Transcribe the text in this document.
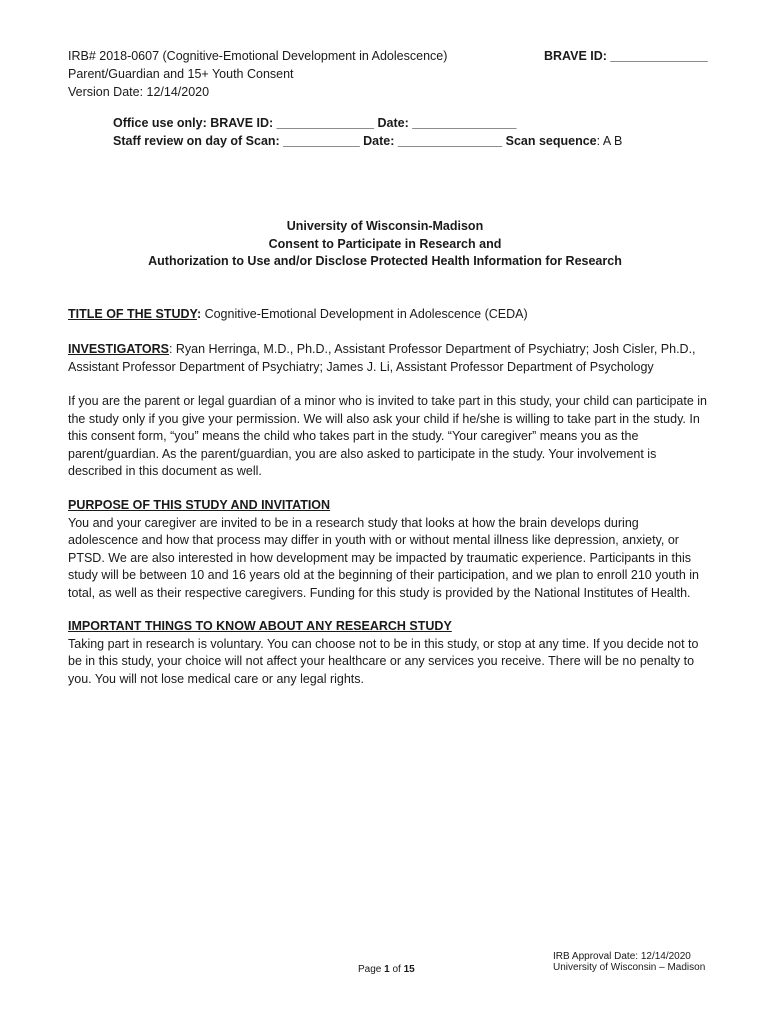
IRB# 2018-0607 (Cognitive-Emotional Development in Adolescence)
Parent/Guardian and 15+ Youth Consent
Version Date: 12/14/2020
BRAVE ID: ______________
Office use only: BRAVE ID: ______________ Date: _______________
Staff review on day of Scan: ___________ Date: _______________ Scan sequence: A B
University of Wisconsin-Madison
Consent to Participate in Research and
Authorization to Use and/or Disclose Protected Health Information for Research
TITLE OF THE STUDY: Cognitive-Emotional Development in Adolescence (CEDA)
INVESTIGATORS: Ryan Herringa, M.D., Ph.D., Assistant Professor Department of Psychiatry; Josh Cisler, Ph.D., Assistant Professor Department of Psychiatry; James J. Li, Assistant Professor Department of Psychology
If you are the parent or legal guardian of a minor who is invited to take part in this study, your child can participate in the study only if you give your permission. We will also ask your child if he/she is willing to take part in the study. In this consent form, “you” means the child who takes part in the study. “Your caregiver” means you as the parent/guardian. As the parent/guardian, you are also asked to participate in the study. Your involvement is described in this document as well.
PURPOSE OF THIS STUDY AND INVITATION
You and your caregiver are invited to be in a research study that looks at how the brain develops during adolescence and how that process may differ in youth with or without mental illness like depression, anxiety, or PTSD. We are also interested in how development may be impacted by traumatic experience. Participants in this study will be between 10 and 16 years old at the beginning of their participation, and we plan to enroll 210 youth in total, as well as their respective caregivers. Funding for this study is provided by the National Institutes of Health.
IMPORTANT THINGS TO KNOW ABOUT ANY RESEARCH STUDY
Taking part in research is voluntary. You can choose not to be in this study, or stop at any time. If you decide not to be in this study, your choice will not affect your healthcare or any services you receive. There will be no penalty to you. You will not lose medical care or any legal rights.
Page 1 of 15
IRB Approval Date: 12/14/2020
University of Wisconsin – Madison
